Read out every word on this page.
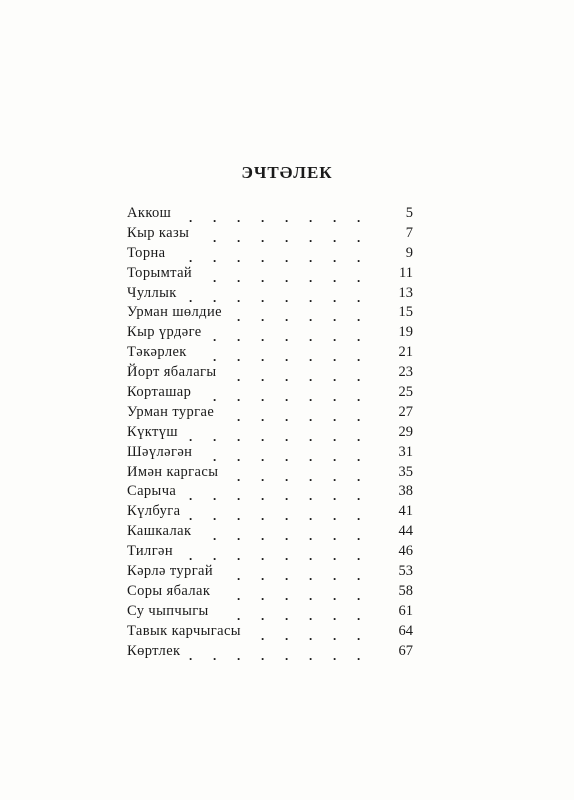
ЭЧТӘЛЕК
Аккош . . . . . . . .	5
Кыр казы . . . . . . .	7
Торна . . . . . . . .	9
Торымтай . . . . . . .	11
Чуллык . . . . . . . .	13
Урман шөлдие . . . . . .	15
Кыр үрдәге . . . . . . .	19
Тәкәрлек . . . . . . .	21
Йорт ябалагы . . . . . .	23
Корташар . . . . . . .	25
Урман тургае . . . . . .	27
Күктүш . . . . . . . .	29
Шәүләгән . . . . . . .	31
Имән каргасы . . . . . .	35
Сарыча . . . . . . . .	38
Күлбуга . . . . . . . .	41
Кашкалак . . . . . . .	44
Тилгән . . . . . . . .	46
Кәрлә тургай . . . . . .	53
Соры ябалак . . . . . .	58
Су чыпчыгы . . . . . .	61
Тавык карчыгасы . . . . .	64
Көртлек . . . . . . . .	67
